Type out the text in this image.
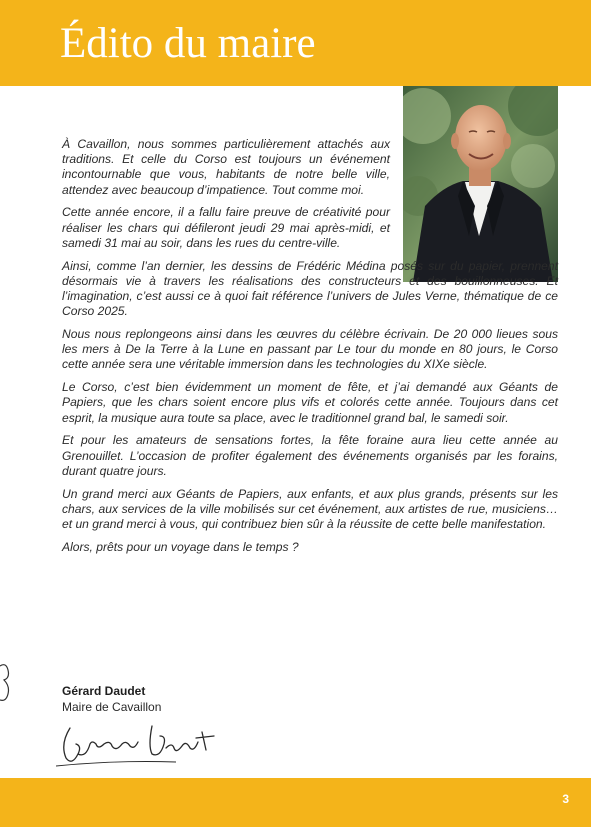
Édito du maire

À Cavaillon, nous sommes particulièrement attachés aux traditions. Et celle du Corso est toujours un événement incontournable que vous, habitants de notre belle ville, attendez avec beaucoup d’impatience. Tout comme moi.

Cette année encore, il a fallu faire preuve de créativité pour réaliser les chars qui défileront jeudi 29 mai après-midi, et samedi 31 mai au soir, dans les rues du centre-ville.

Ainsi, comme l’an dernier, les dessins de Frédéric Médina posés sur du papier, prennent désormais vie à travers les réalisations des constructeurs et des bouillonneuses. Et l’imagination, c’est aussi ce à quoi fait référence l’univers de Jules Verne, thématique de ce Corso 2025.

Nous nous replongeons ainsi dans les œuvres du célèbre écrivain. De 20 000 lieues sous les mers à De la Terre à la Lune en passant par Le tour du monde en 80 jours, le Corso cette année sera une véritable immersion dans les technologies du XIXe siècle.

Le Corso, c’est bien évidemment un moment de fête, et j’ai demandé aux Géants de Papiers, que les chars soient encore plus vifs et colorés cette année. Toujours dans cet esprit, la musique aura toute sa place, avec le traditionnel grand bal, le samedi soir.

Et pour les amateurs de sensations fortes, la fête foraine aura lieu cette année au Grenouillet. L’occasion de profiter également des événements organisés par les forains, durant quatre jours.

Un grand merci aux Géants de Papiers, aux enfants, et aux plus grands, présents sur les chars, aux services de la ville mobilisés sur cet événement, aux artistes de rue, musiciens… et un grand merci à vous, qui contribuez bien sûr à la réussite de cette belle manifestation.

Alors, prêts pour un voyage dans le temps ?

Gérard Daudet
Maire de Cavaillon
3
